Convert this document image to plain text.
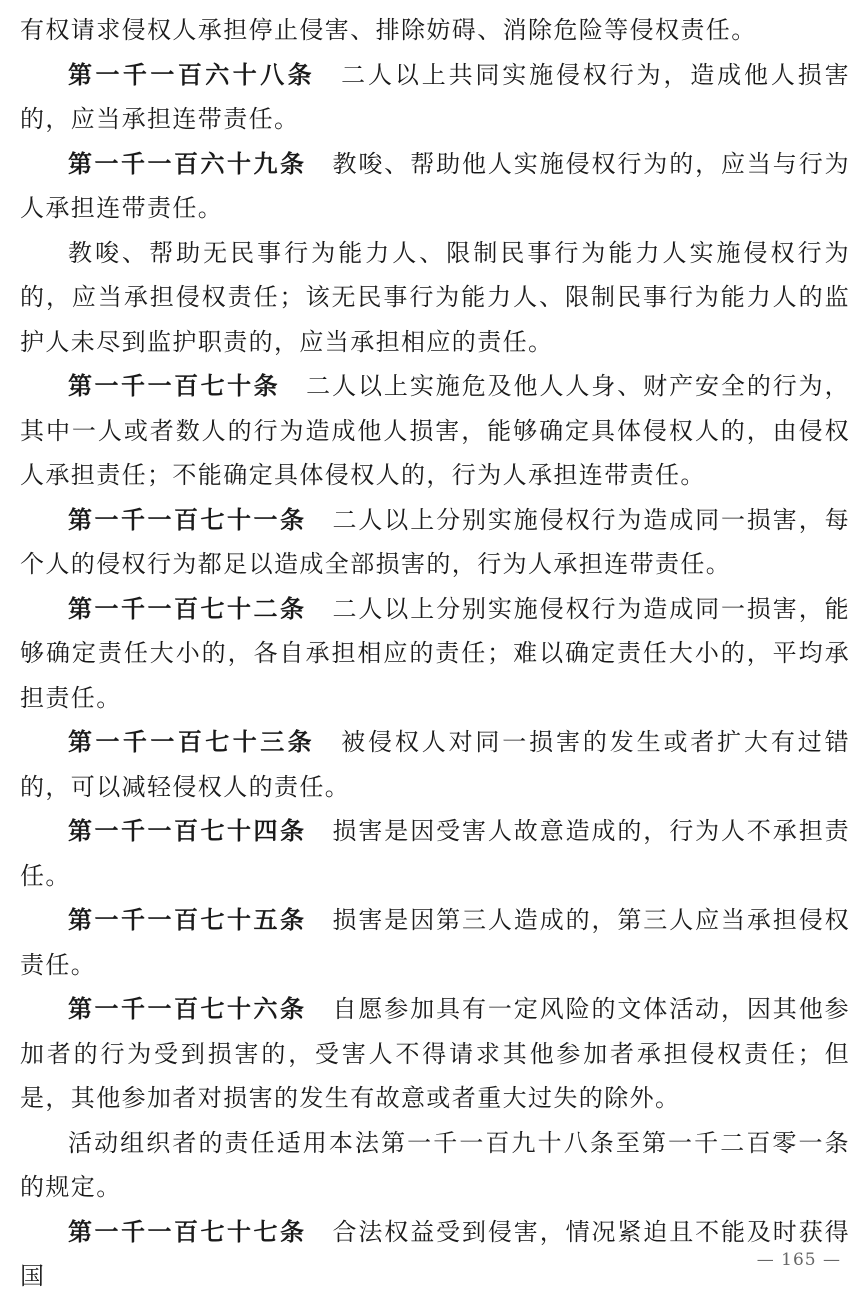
有权请求侵权人承担停止侵害、排除妨碍、消除危险等侵权责任。

第一千一百六十八条 二人以上共同实施侵权行为，造成他人损害的，应当承担连带责任。

第一千一百六十九条 教唆、帮助他人实施侵权行为的，应当与行为人承担连带责任。

教唆、帮助无民事行为能力人、限制民事行为能力人实施侵权行为的，应当承担侵权责任；该无民事行为能力人、限制民事行为能力人的监护人未尽到监护职责的，应当承担相应的责任。

第一千一百七十条 二人以上实施危及他人人身、财产安全的行为，其中一人或者数人的行为造成他人损害，能够确定具体侵权人的，由侵权人承担责任；不能确定具体侵权人的，行为人承担连带责任。

第一千一百七十一条 二人以上分别实施侵权行为造成同一损害，每个人的侵权行为都足以造成全部损害的，行为人承担连带责任。

第一千一百七十二条 二人以上分别实施侵权行为造成同一损害，能够确定责任大小的，各自承担相应的责任；难以确定责任大小的，平均承担责任。

第一千一百七十三条 被侵权人对同一损害的发生或者扩大有过错的，可以减轻侵权人的责任。

第一千一百七十四条 损害是因受害人故意造成的，行为人不承担责任。

第一千一百七十五条 损害是因第三人造成的，第三人应当承担侵权责任。

第一千一百七十六条 自愿参加具有一定风险的文体活动，因其他参加者的行为受到损害的，受害人不得请求其他参加者承担侵权责任；但是，其他参加者对损害的发生有故意或者重大过失的除外。

活动组织者的责任适用本法第一千一百九十八条至第一千二百零一条的规定。

第一千一百七十七条 合法权益受到侵害，情况紧迫且不能及时获得国

— 165 —
